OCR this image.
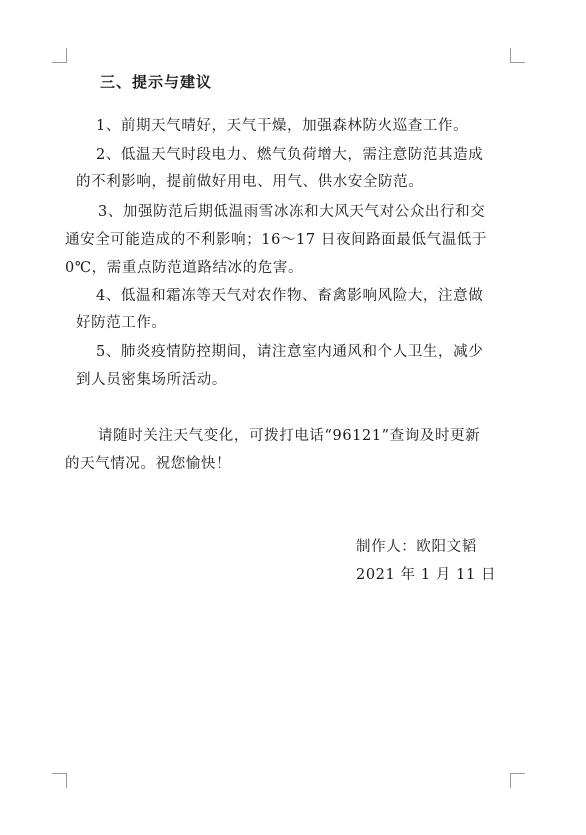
三、提示与建议
1、前期天气晴好，天气干燥，加强森林防火巡查工作。
2、低温天气时段电力、燃气负荷增大，需注意防范其造成
的不利影响，提前做好用电、用气、供水安全防范。
3、加强防范后期低温雨雪冰冻和大风天气对公众出行和交
通安全可能造成的不利影响；16～17 日夜间路面最低气温低于
0℃，需重点防范道路结冰的危害。
4、低温和霜冻等天气对农作物、畜禽影响风险大，注意做
好防范工作。
5、肺炎疫情防控期间，请注意室内通风和个人卫生，减少
到人员密集场所活动。
请随时关注天气变化，可拨打电话“96121”查询及时更新
的天气情况。祝您愉快！
制作人：欧阳文韬
2021 年 1 月 11 日
